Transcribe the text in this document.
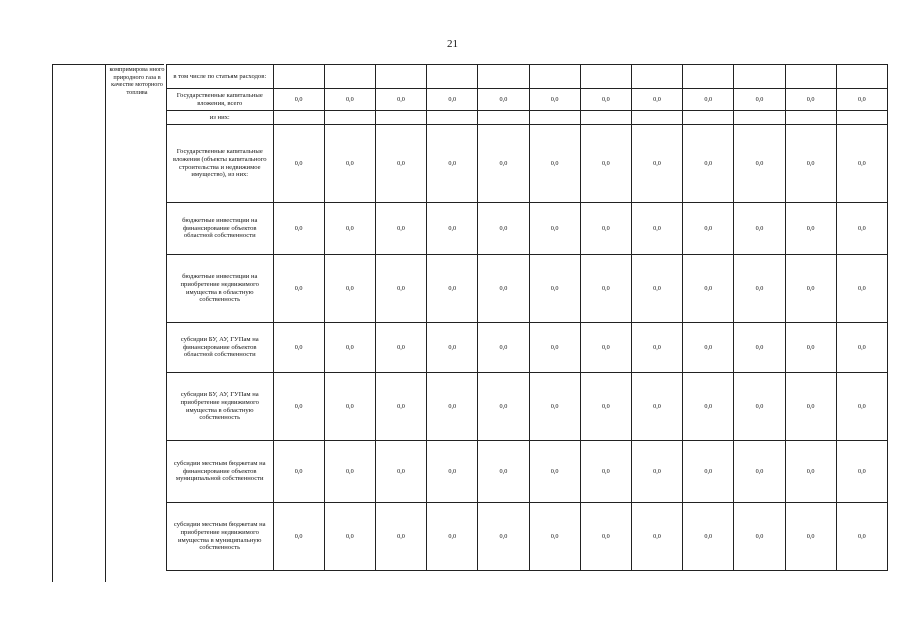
21
компримирова нного природного газа в качестве моторного топлива
в том числе по статьям расходов:												
Государственные капитальные вложения, всего	0,0	0,0	0,0	0,0	0,0	0,0	0,0	0,0	0,0	0,0	0,0	0,0
из них:												
Государственные капитальные вложения (объекты капитального строительства и недвижимое имущество), из них:	0,0	0,0	0,0	0,0	0,0	0,0	0,0	0,0	0,0	0,0	0,0	0,0
бюджетные инвестиции на финансирование объектов областной собственности	0,0	0,0	0,0	0,0	0,0	0,0	0,0	0,0	0,0	0,0	0,0	0,0
бюджетные инвестиции на приобретение недвижимого имущества в областную собственность	0,0	0,0	0,0	0,0	0,0	0,0	0,0	0,0	0,0	0,0	0,0	0,0
субсидии БУ, АУ, ГУПам на финансирование объектов областной собственности	0,0	0,0	0,0	0,0	0,0	0,0	0,0	0,0	0,0	0,0	0,0	0,0
субсидии БУ, АУ, ГУПам на приобретение недвижимого имущества в областную собственность	0,0	0,0	0,0	0,0	0,0	0,0	0,0	0,0	0,0	0,0	0,0	0,0
субсидии местным бюджетам на финансирование объектов муниципальной собственности	0,0	0,0	0,0	0,0	0,0	0,0	0,0	0,0	0,0	0,0	0,0	0,0
субсидии местным бюджетам на приобретение недвижимого имущества в муниципальную собственность	0,0	0,0	0,0	0,0	0,0	0,0	0,0	0,0	0,0	0,0	0,0	0,0
